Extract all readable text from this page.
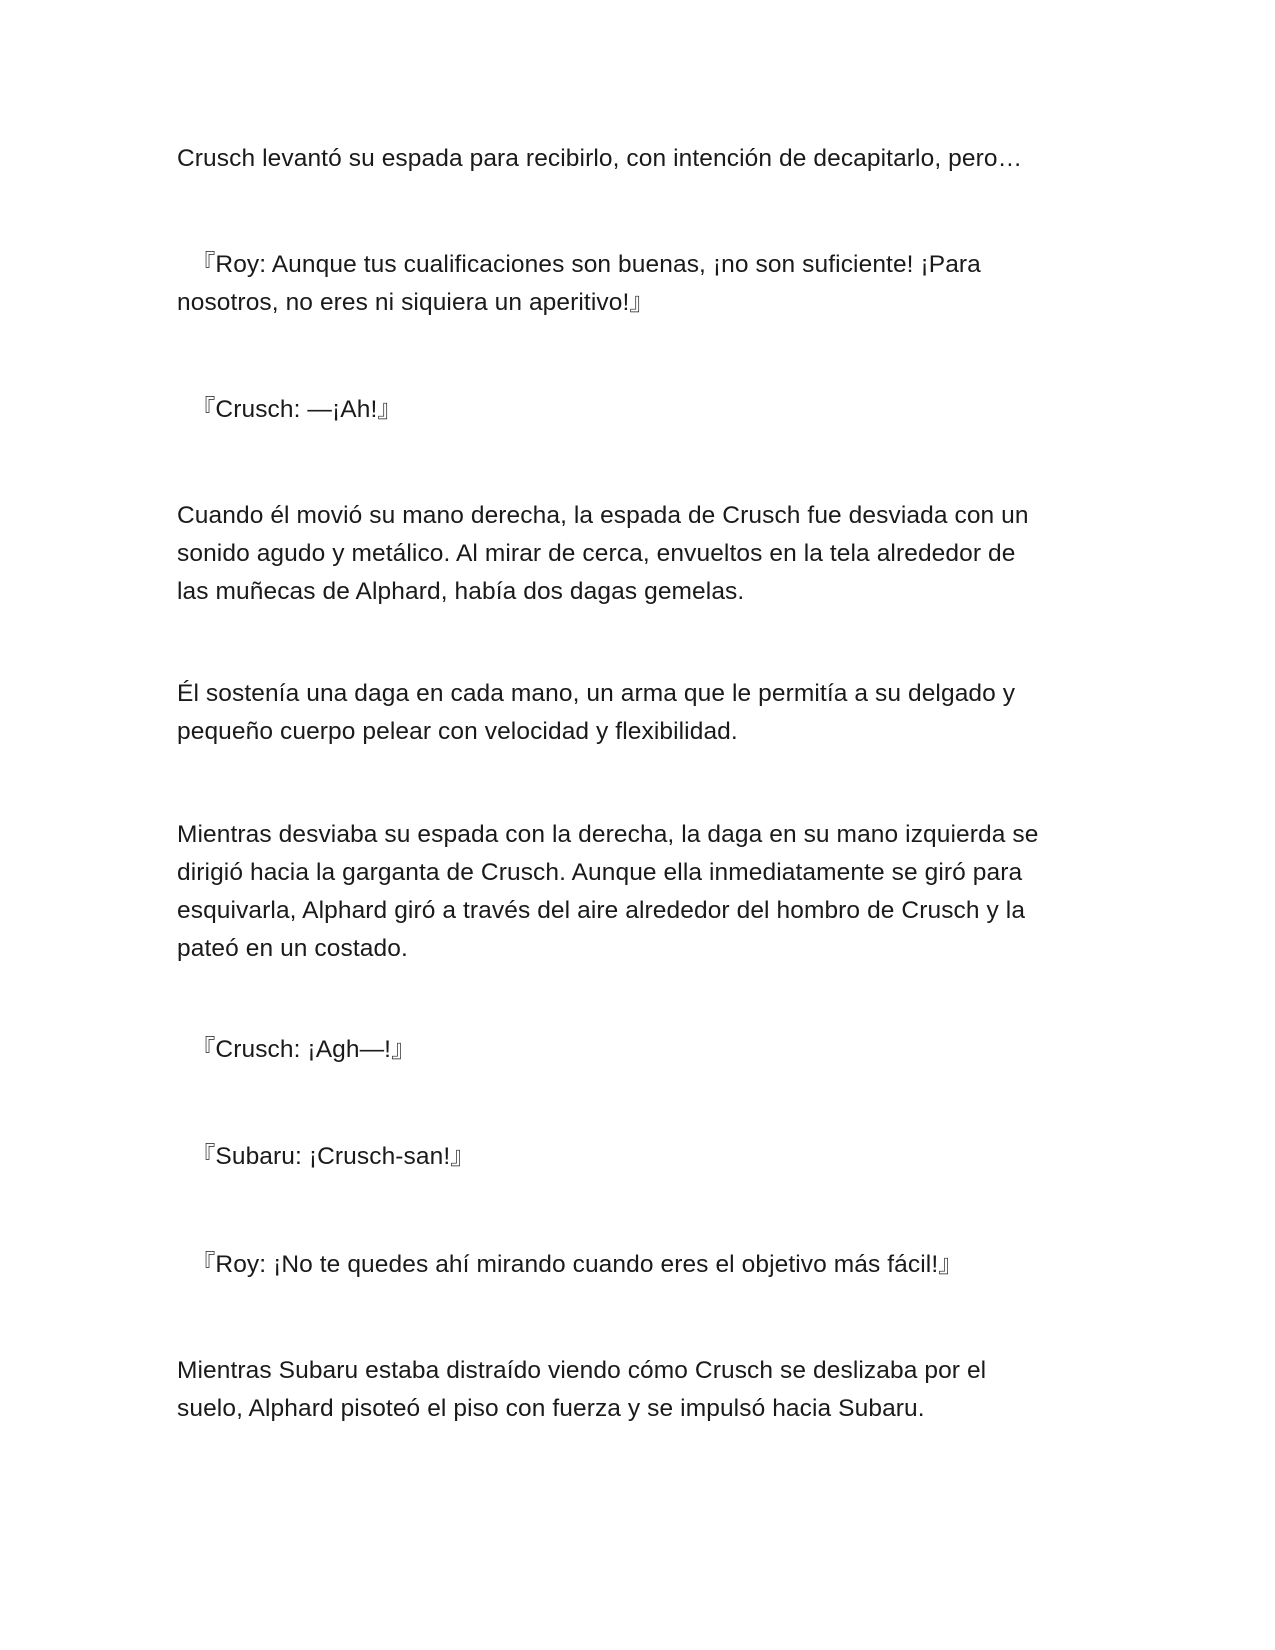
Crusch levantó su espada para recibirlo, con intención de decapitarlo, pero…

『Roy: Aunque tus cualificaciones son buenas, ¡no son suficiente! ¡Para
nosotros, no eres ni siquiera un aperitivo!』

『Crusch: —¡Ah!』

Cuando él movió su mano derecha, la espada de Crusch fue desviada con un
sonido agudo y metálico. Al mirar de cerca, envueltos en la tela alrededor de
las muñecas de Alphard, había dos dagas gemelas.

Él sostenía una daga en cada mano, un arma que le permitía a su delgado y
pequeño cuerpo pelear con velocidad y flexibilidad.

Mientras desviaba su espada con la derecha, la daga en su mano izquierda se
dirigió hacia la garganta de Crusch. Aunque ella inmediatamente se giró para
esquivarla, Alphard giró a través del aire alrededor del hombro de Crusch y la
pateó en un costado.

『Crusch: ¡Agh—!』

『Subaru: ¡Crusch-san!』

『Roy: ¡No te quedes ahí mirando cuando eres el objetivo más fácil!』

Mientras Subaru estaba distraído viendo cómo Crusch se deslizaba por el
suelo, Alphard pisoteó el piso con fuerza y se impulsó hacia Subaru.
